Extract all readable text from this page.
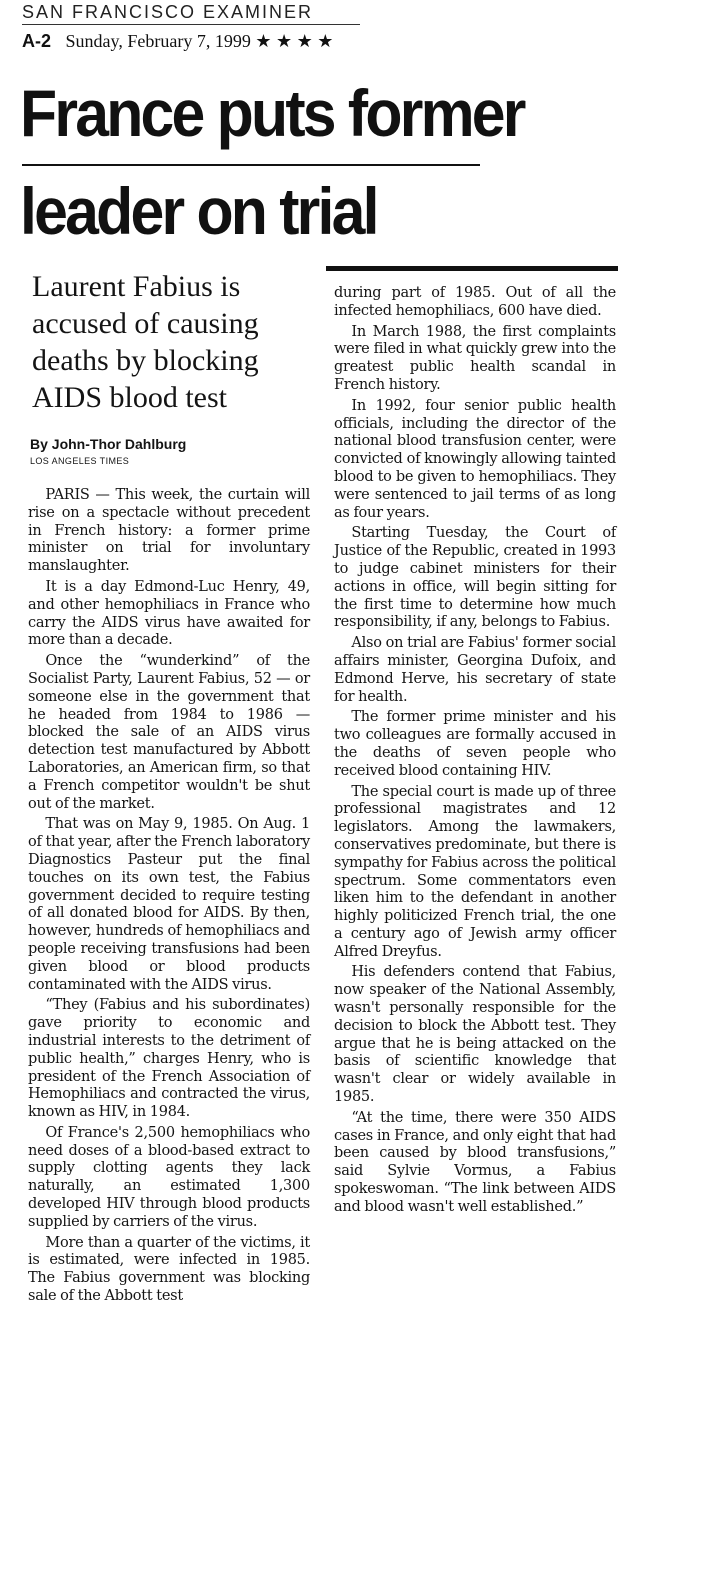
SAN FRANCISCO EXAMINER
A-2 Sunday, February 7, 1999 ★ ★ ★ ★
France puts former
leader on trial
Laurent Fabius is
accused of causing
deaths by blocking
AIDS blood test
By John-Thor Dahlburg
LOS ANGELES TIMES

PARIS — This week, the curtain will rise on a spectacle without precedent in French history: a former prime minister on trial for involuntary manslaughter.

It is a day Edmond-Luc Henry, 49, and other hemophiliacs in France who carry the AIDS virus have awaited for more than a decade.

Once the “wunderkind” of the Socialist Party, Laurent Fabius, 52 — or someone else in the government that he headed from 1984 to 1986 — blocked the sale of an AIDS virus detection test manufactured by Abbott Laboratories, an American firm, so that a French competitor wouldn't be shut out of the market.

That was on May 9, 1985. On Aug. 1 of that year, after the French laboratory Diagnostics Pasteur put the final touches on its own test, the Fabius government decided to require testing of all donated blood for AIDS. By then, however, hundreds of hemophiliacs and people receiving transfusions had been given blood or blood products contaminated with the AIDS virus.

“They (Fabius and his subordinates) gave priority to economic and industrial interests to the detriment of public health,” charges Henry, who is president of the French Association of Hemophiliacs and contracted the virus, known as HIV, in 1984.

Of France's 2,500 hemophiliacs who need doses of a blood-based extract to supply clotting agents they lack naturally, an estimated 1,300 developed HIV through blood products supplied by carriers of the virus.

More than a quarter of the victims, it is estimated, were infected in 1985. The Fabius government was blocking sale of the Abbott test

during part of 1985. Out of all the infected hemophiliacs, 600 have died.

In March 1988, the first complaints were filed in what quickly grew into the greatest public health scandal in French history.

In 1992, four senior public health officials, including the director of the national blood transfusion center, were convicted of knowingly allowing tainted blood to be given to hemophiliacs. They were sentenced to jail terms of as long as four years.

Starting Tuesday, the Court of Justice of the Republic, created in 1993 to judge cabinet ministers for their actions in office, will begin sitting for the first time to determine how much responsibility, if any, belongs to Fabius.

Also on trial are Fabius' former social affairs minister, Georgina Dufoix, and Edmond Herve, his secretary of state for health.

The former prime minister and his two colleagues are formally accused in the deaths of seven people who received blood containing HIV.

The special court is made up of three professional magistrates and 12 legislators. Among the lawmakers, conservatives predominate, but there is sympathy for Fabius across the political spectrum. Some commentators even liken him to the defendant in another highly politicized French trial, the one a century ago of Jewish army officer Alfred Dreyfus.

His defenders contend that Fabius, now speaker of the National Assembly, wasn't personally responsible for the decision to block the Abbott test. They argue that he is being attacked on the basis of scientific knowledge that wasn't clear or widely available in 1985.

“At the time, there were 350 AIDS cases in France, and only eight that had been caused by blood transfusions,” said Sylvie Vormus, a Fabius spokeswoman. “The link between AIDS and blood wasn't well established.”
